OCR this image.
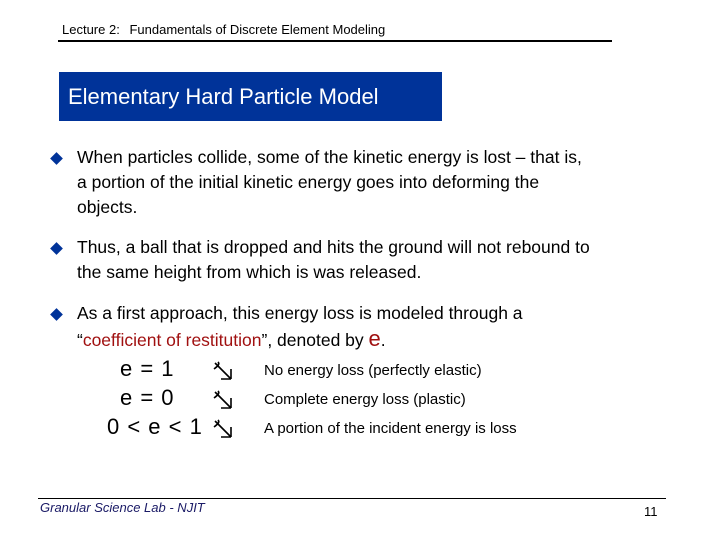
Lecture 2: Fundamentals of Discrete Element Modeling
Elementary Hard Particle Model
When particles collide, some of the kinetic energy is lost – that is,
a portion of the initial kinetic energy goes into deforming the
objects.
Thus, a ball that is dropped and hits the ground will not rebound to
the same height from which is was released.
As a first approach, this energy loss is modeled through a
“coefficient of restitution”, denoted by e.
e = 1	No energy loss (perfectly elastic)
e = 0	Complete energy loss (plastic)
0 < e < 1	A portion of the incident energy is loss
Granular Science Lab - NJIT	11
